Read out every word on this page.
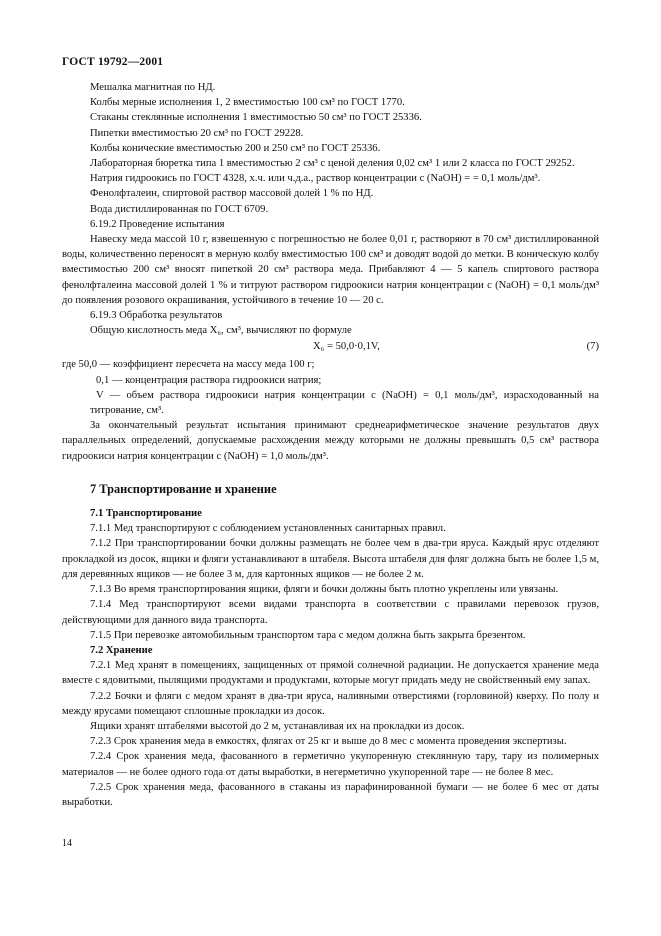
ГОСТ 19792—2001

Мешалка магнитная по НД.

Колбы мерные исполнения 1, 2 вместимостью 100 см³ по ГОСТ 1770.

Стаканы стеклянные исполнения 1 вместимостью 50 см³ по ГОСТ 25336.

Пипетки вместимостью 20 см³ по ГОСТ 29228.

Колбы конические вместимостью 200 и 250 см³ по ГОСТ 25336.

Лабораторная бюретка типа 1 вместимостью 2 см³ с ценой деления 0,02 см³ 1 или 2 класса по ГОСТ 29252.

Натрия гидроокись по ГОСТ 4328, х.ч. или ч.д.а., раствор концентрации с (NaOH) = = 0,1 моль/дм³.

Фенолфталеин, спиртовой раствор массовой долей 1 % по НД.

Вода дистиллированная по ГОСТ 6709.

6.19.2 Проведение испытания

Навеску меда массой 10 г, взвешенную с погрешностью не более 0,01 г, растворяют в 70 см³ дистиллированной воды, количественно переносят в мерную колбу вместимостью 100 см³ и доводят водой до метки. В коническую колбу вместимостью 200 см³ вносят пипеткой 20 см³ раствора меда. Прибавляют 4 — 5 капель спиртового раствора фенолфталеина массовой долей 1 % и титруют раствором гидроокиси натрия концентрации с (NaOH) = 0,1 моль/дм³ до появления розового окрашивания, устойчивого в течение 10 — 20 с.

6.19.3 Обработка результатов

Общую кислотность меда X₆, см³, вычисляют по формуле

X₆ = 50,0·0,1V,	(7)

где 50,0 — коэффициент пересчета на массу меда 100 г;

0,1 — концентрация раствора гидроокиси натрия;

V — объем раствора гидроокиси натрия концентрации с (NaOH) = 0,1 моль/дм³, израсходованный на титрование, см³.

За окончательный результат испытания принимают среднеарифметическое значение результатов двух параллельных определений, допускаемые расхождения между которыми не должны превышать 0,5 см³ раствора гидроокиси натрия концентрации с (NaOH) = 1,0 моль/дм³.

7 Транспортирование и хранение
7.1 Транспортирование

7.1.1 Мед транспортируют с соблюдением установленных санитарных правил.

7.1.2 При транспортировании бочки должны размещать не более чем в два-три яруса. Каждый ярус отделяют прокладкой из досок, ящики и фляги устанавливают в штабеля. Высота штабеля для фляг должна быть не более 1,5 м, для деревянных ящиков — не более 3 м, для картонных ящиков — не более 2 м.

7.1.3 Во время транспортирования ящики, фляги и бочки должны быть плотно укреплены или увязаны.

7.1.4 Мед транспортируют всеми видами транспорта в соответствии с правилами перевозок грузов, действующими для данного вида транспорта.

7.1.5 При перевозке автомобильным транспортом тара с медом должна быть закрыта брезентом.

7.2 Хранение

7.2.1 Мед хранят в помещениях, защищенных от прямой солнечной радиации. Не допускается хранение меда вместе с ядовитыми, пылящими продуктами и продуктами, которые могут придать меду не свойственный ему запах.

7.2.2 Бочки и фляги с медом хранят в два-три яруса, наливными отверстиями (горловиной) кверху. По полу и между ярусами помещают сплошные прокладки из досок.

Ящики хранят штабелями высотой до 2 м, устанавливая их на прокладки из досок.

7.2.3 Срок хранения меда в емкостях, флягах от 25 кг и выше до 8 мес с момента проведения экспертизы.

7.2.4 Срок хранения меда, фасованного в герметично укупоренную стеклянную тару, тару из полимерных материалов — не более одного года от даты выработки, в негерметично укупоренной таре — не более 8 мес.

7.2.5 Срок хранения меда, фасованного в стаканы из парафинированной бумаги — не более 6 мес от даты выработки.

14
